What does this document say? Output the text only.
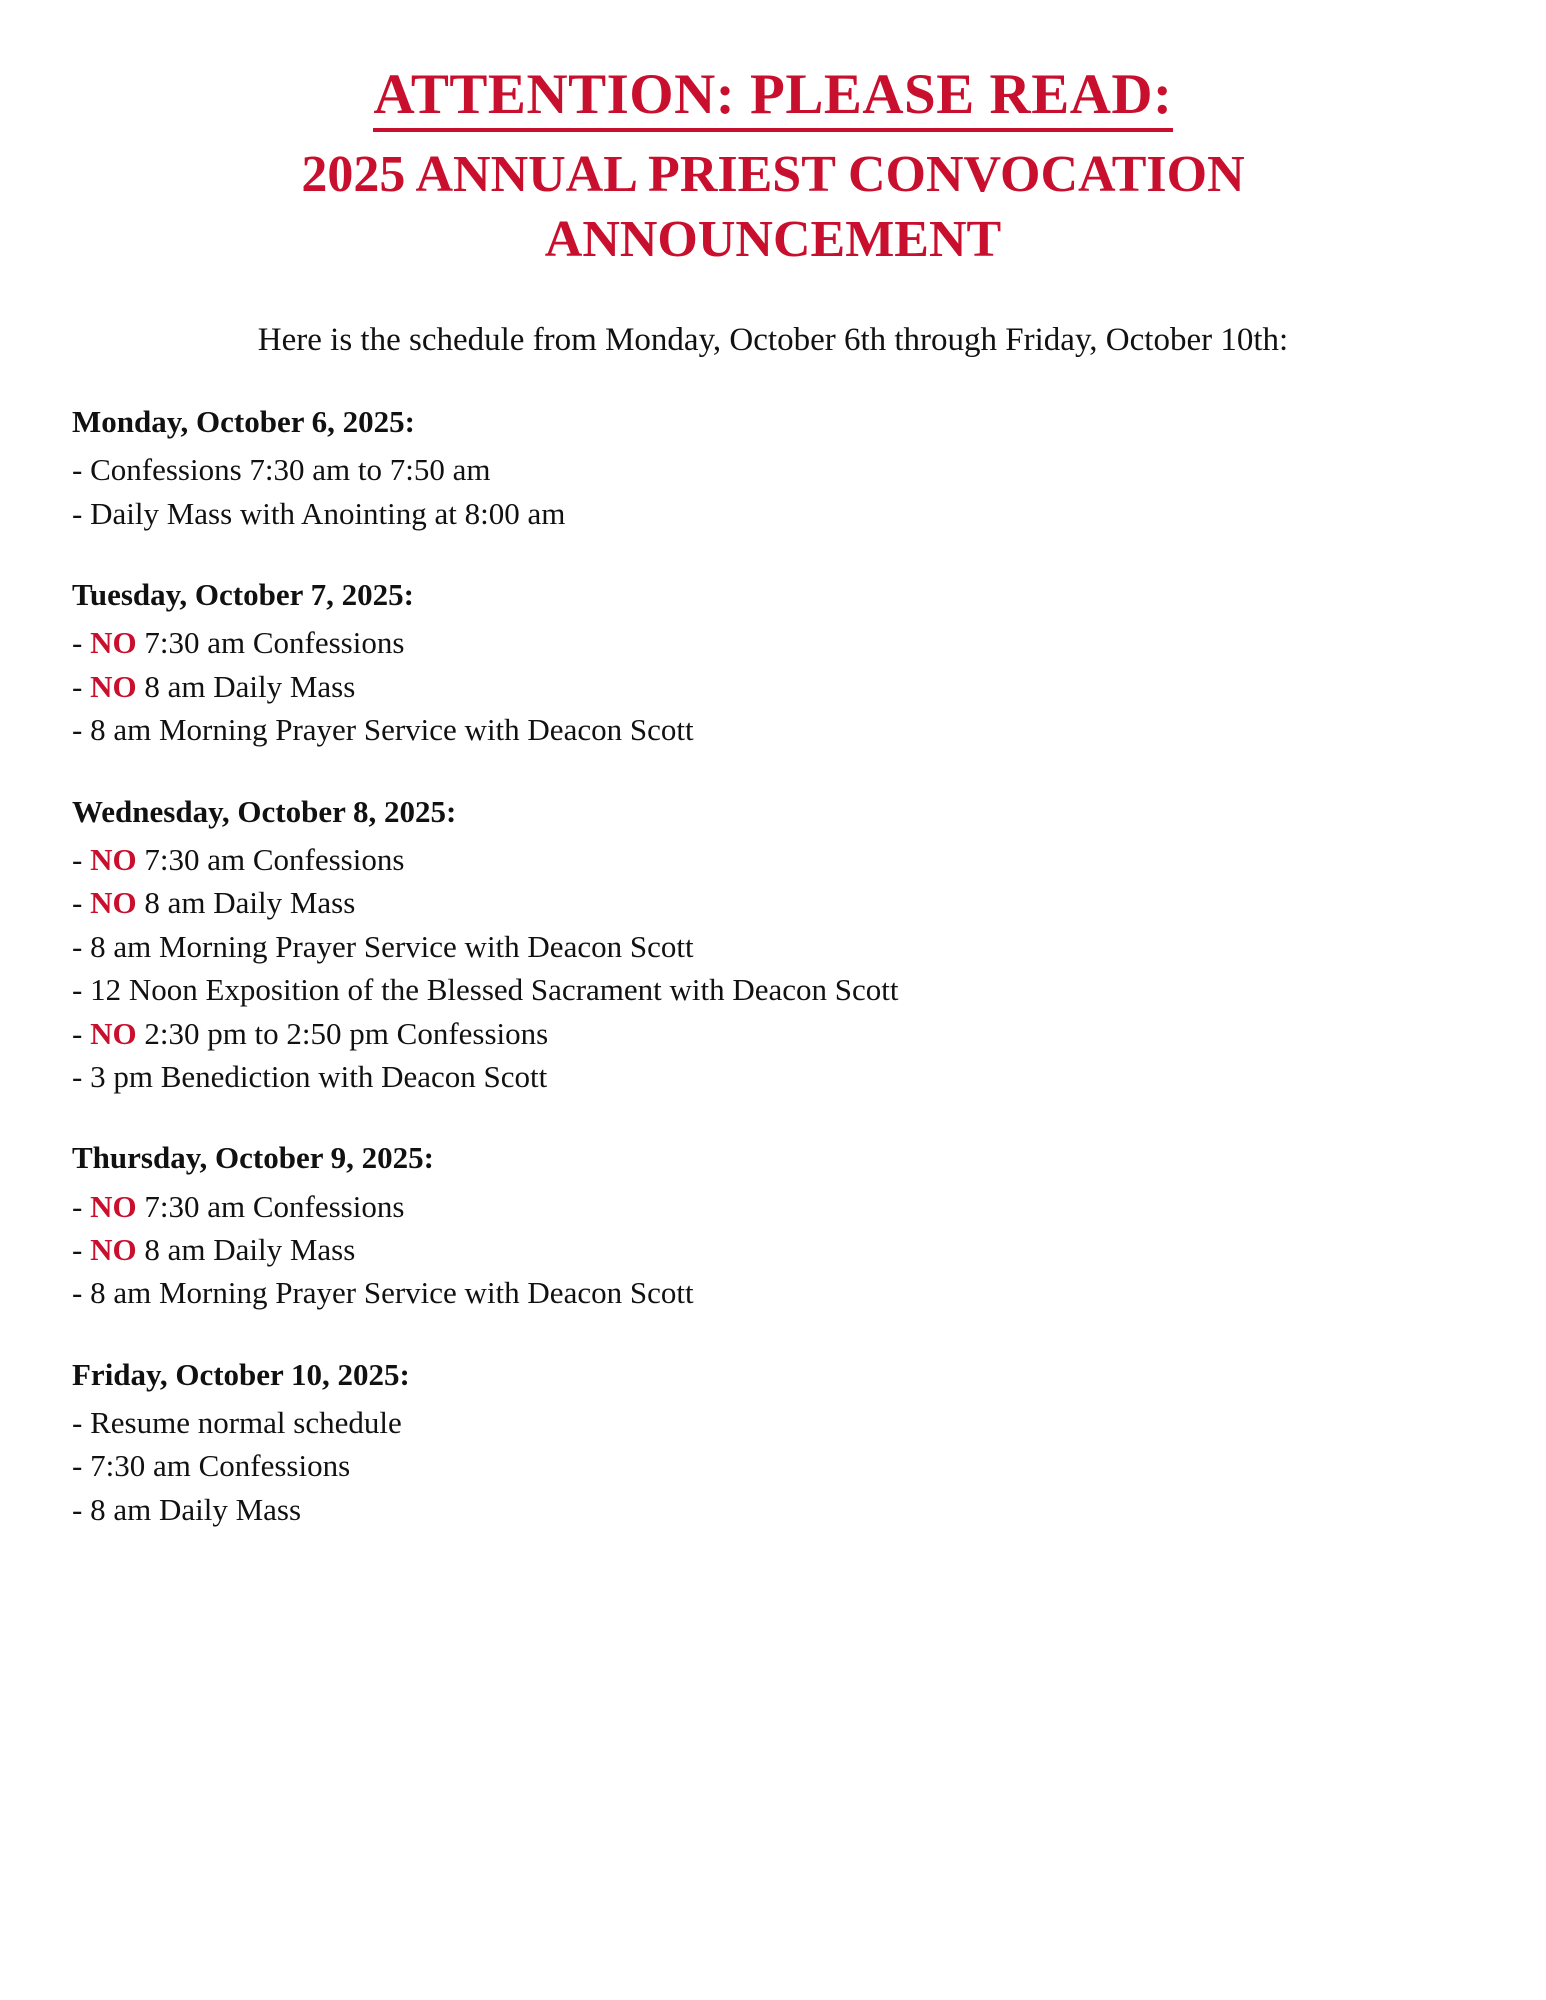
ATTENTION: PLEASE READ:
2025 ANNUAL PRIEST CONVOCATION ANNOUNCEMENT

Here is the schedule from Monday, October 6th through Friday, October 10th:

Monday, October 6, 2025:
- Confessions 7:30 am to 7:50 am
- Daily Mass with Anointing at 8:00 am
Tuesday, October 7, 2025:
- NO 7:30 am Confessions
- NO 8 am Daily Mass
- 8 am Morning Prayer Service with Deacon Scott
Wednesday, October 8, 2025:
- NO 7:30 am Confessions
- NO 8 am Daily Mass
- 8 am Morning Prayer Service with Deacon Scott
- 12 Noon Exposition of the Blessed Sacrament with Deacon Scott
- NO 2:30 pm to 2:50 pm Confessions
- 3 pm Benediction with Deacon Scott
Thursday, October 9, 2025:
- NO 7:30 am Confessions
- NO 8 am Daily Mass
- 8 am Morning Prayer Service with Deacon Scott
Friday, October 10, 2025:
- Resume normal schedule
- 7:30 am Confessions
- 8 am Daily Mass
